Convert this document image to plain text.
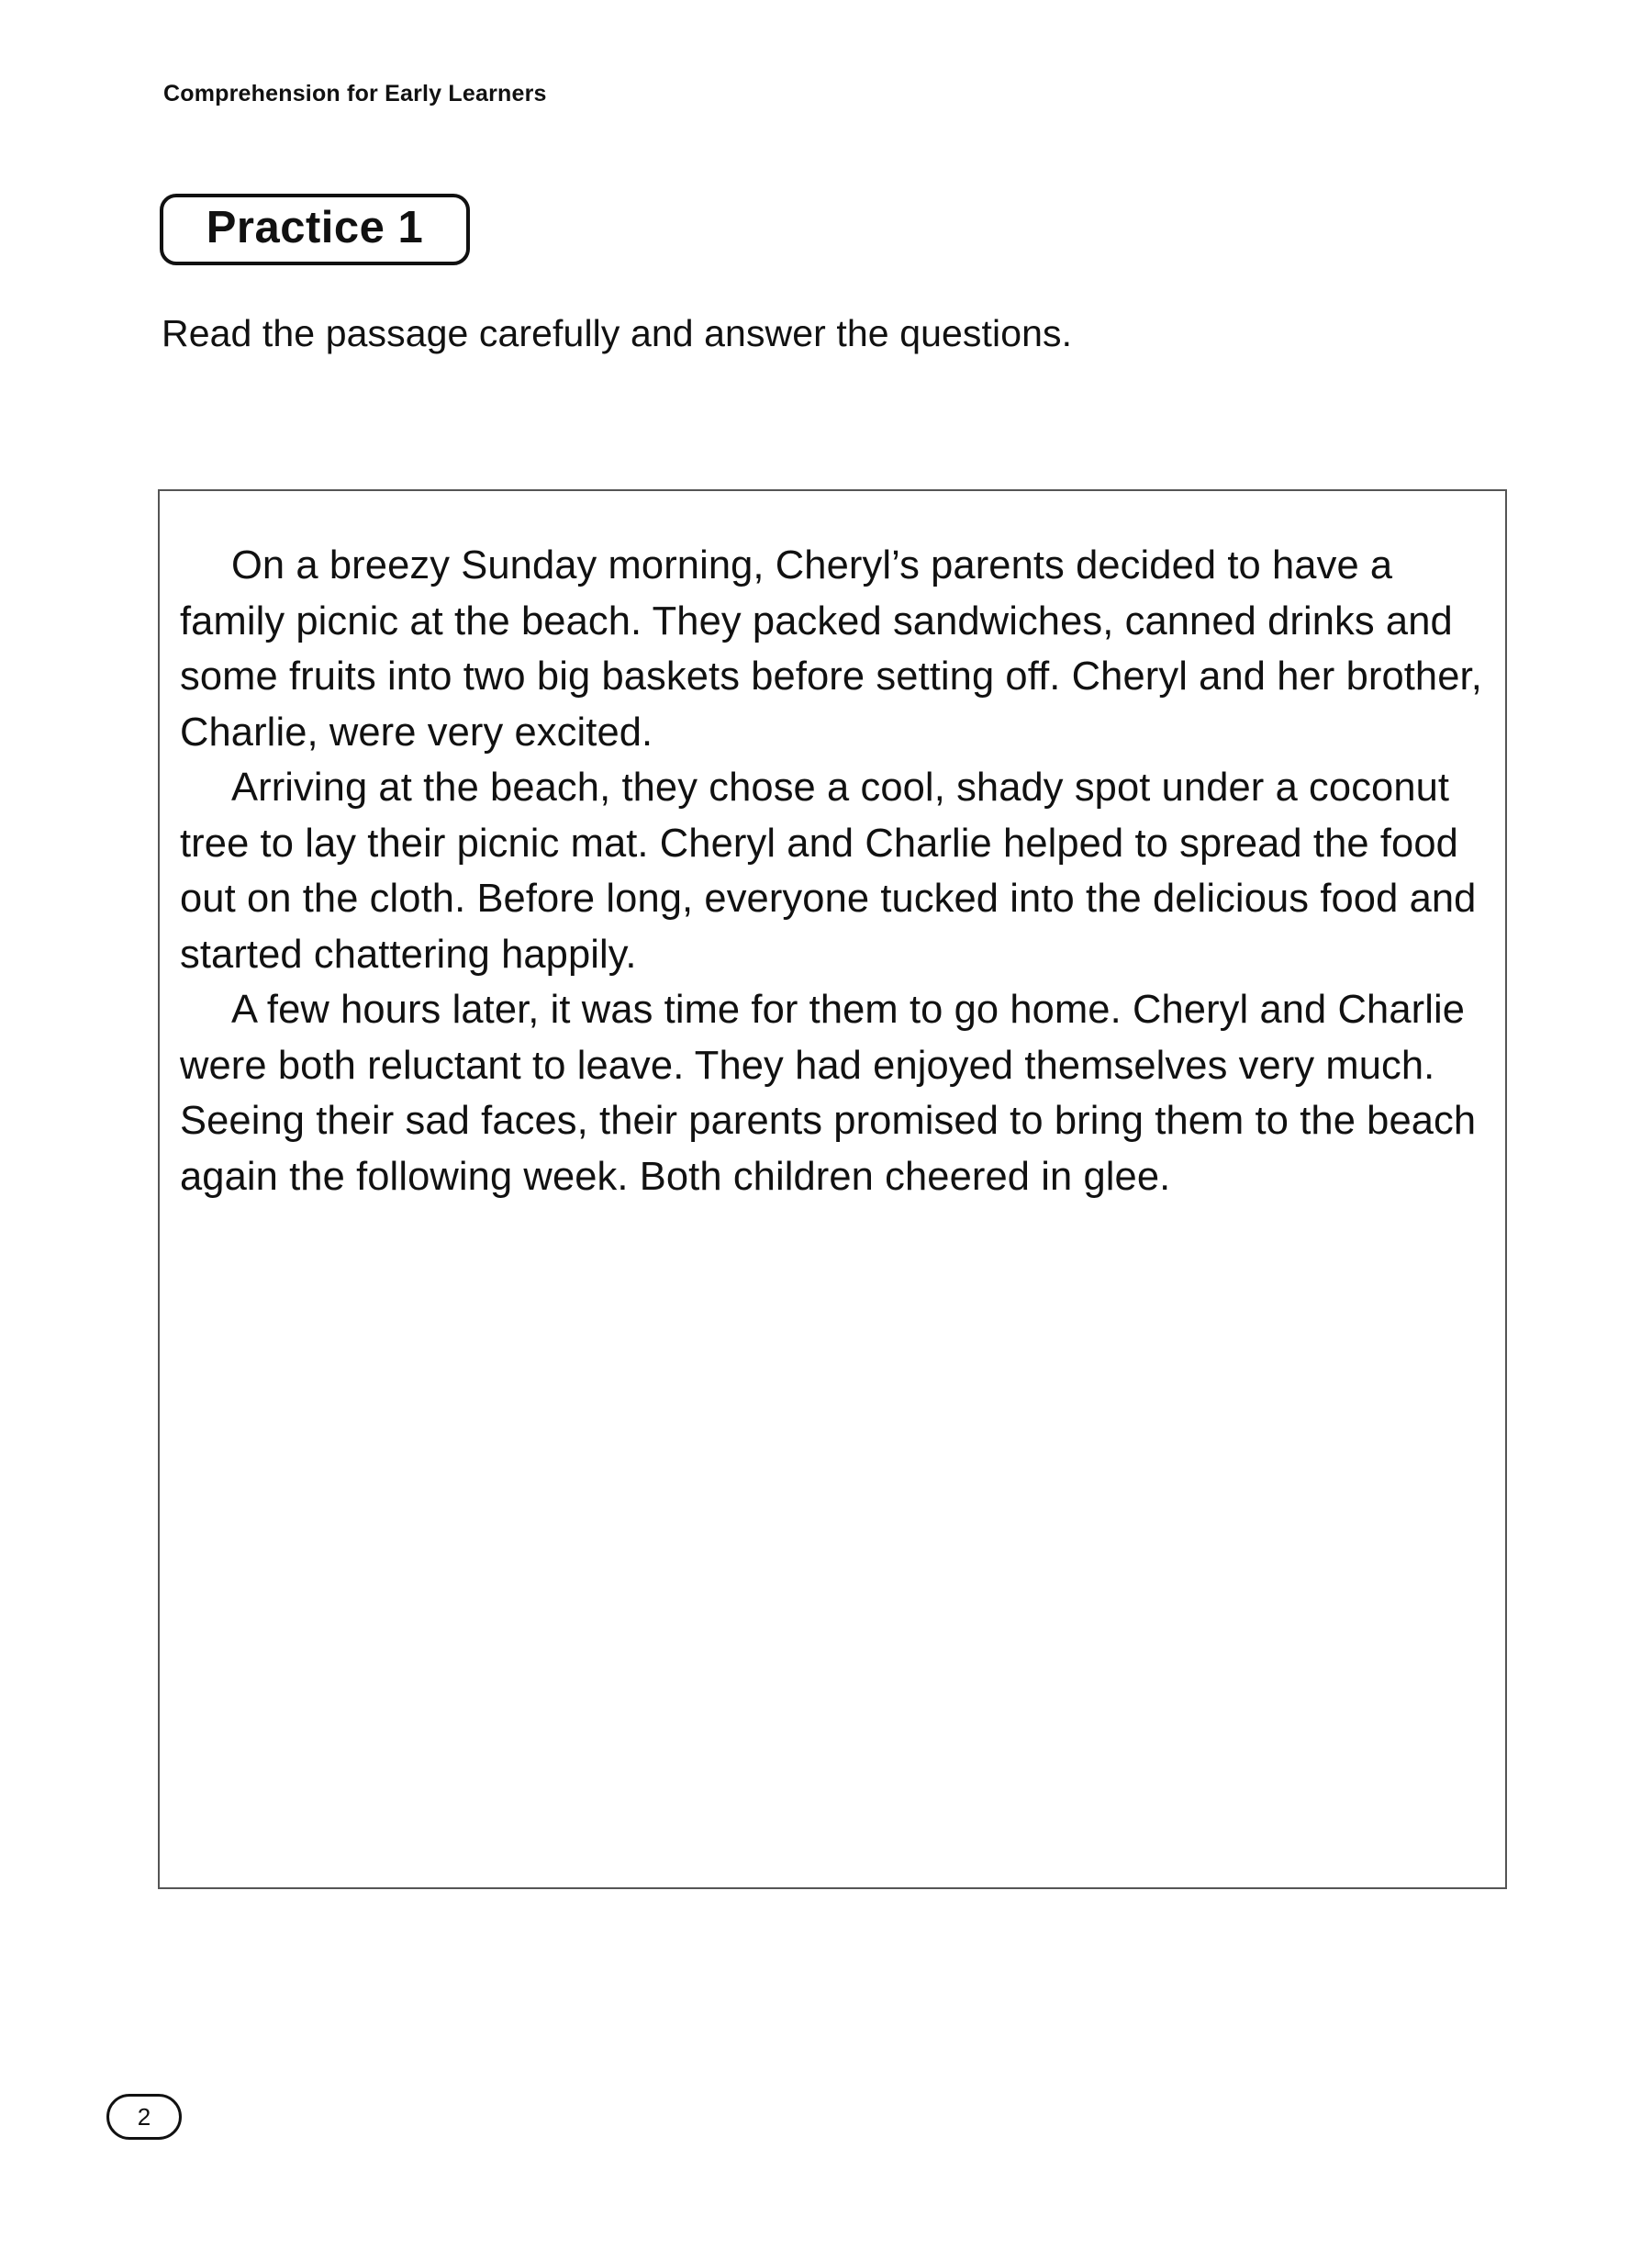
Comprehension for Early Learners
Practice 1
Read the passage carefully and answer the questions.

On a breezy Sunday morning, Cheryl’s parents decided to have a family picnic at the beach. They packed sandwiches, canned drinks and some fruits into two big baskets before setting off. Cheryl and her brother, Charlie, were very excited.

Arriving at the beach, they chose a cool, shady spot under a coconut tree to lay their picnic mat. Cheryl and Charlie helped to spread the food out on the cloth. Before long, everyone tucked into the delicious food and started chattering happily.

A few hours later, it was time for them to go home. Cheryl and Charlie were both reluctant to leave. They had enjoyed themselves very much. Seeing their sad faces, their parents promised to bring them to the beach again the following week. Both children cheered in glee.

2
